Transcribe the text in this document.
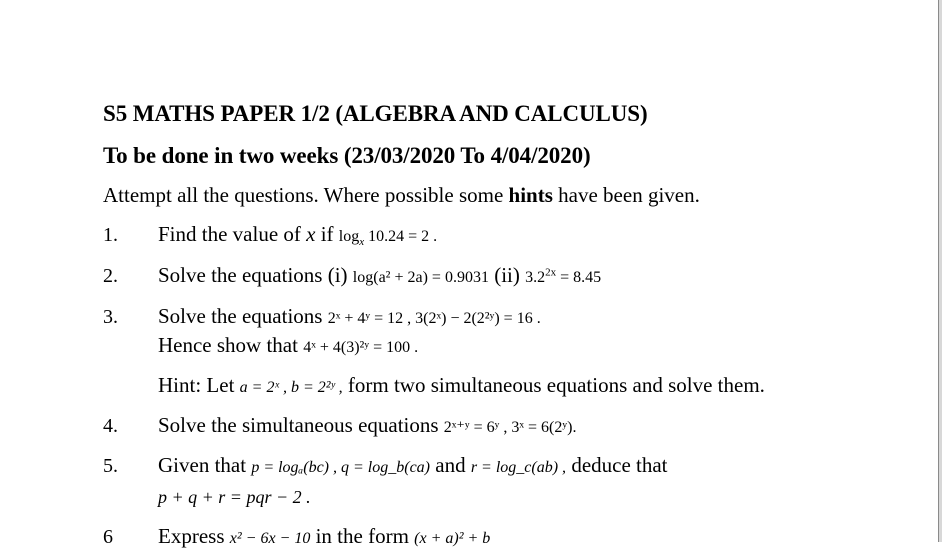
S5 MATHS PAPER 1/2 (ALGEBRA AND CALCULUS)
To be done in two weeks (23/03/2020 To 4/04/2020)
Attempt all the questions. Where possible some hints have been given.
1. Find the value of x if $\log_x 10.24 = 2$ .
2. Solve the equations (i) log(a² + 2a) = 0.9031 (ii) $3.2^{2x} = 8.45$
3. Solve the equations 2ˣ + 4ʸ = 12 , 3(2ˣ) − 2(2²ʸ) = 16 .
Hence show that 4ˣ + 4(3)²ʸ = 100 .
Hint: Let a = 2ˣ , b = 2²ʸ , form two simultaneous equations and solve them.
4. Solve the simultaneous equations 2ˣ⁺ʸ = 6ʸ , 3ˣ = 6(2ʸ).
5. Given that p = logₐ(bc) , q = log_b(ca) and r = log_c(ab) , deduce that
p + q + r = pqr − 2 .
6 Express x² − 6x − 10 in the form (x + a)² + b
